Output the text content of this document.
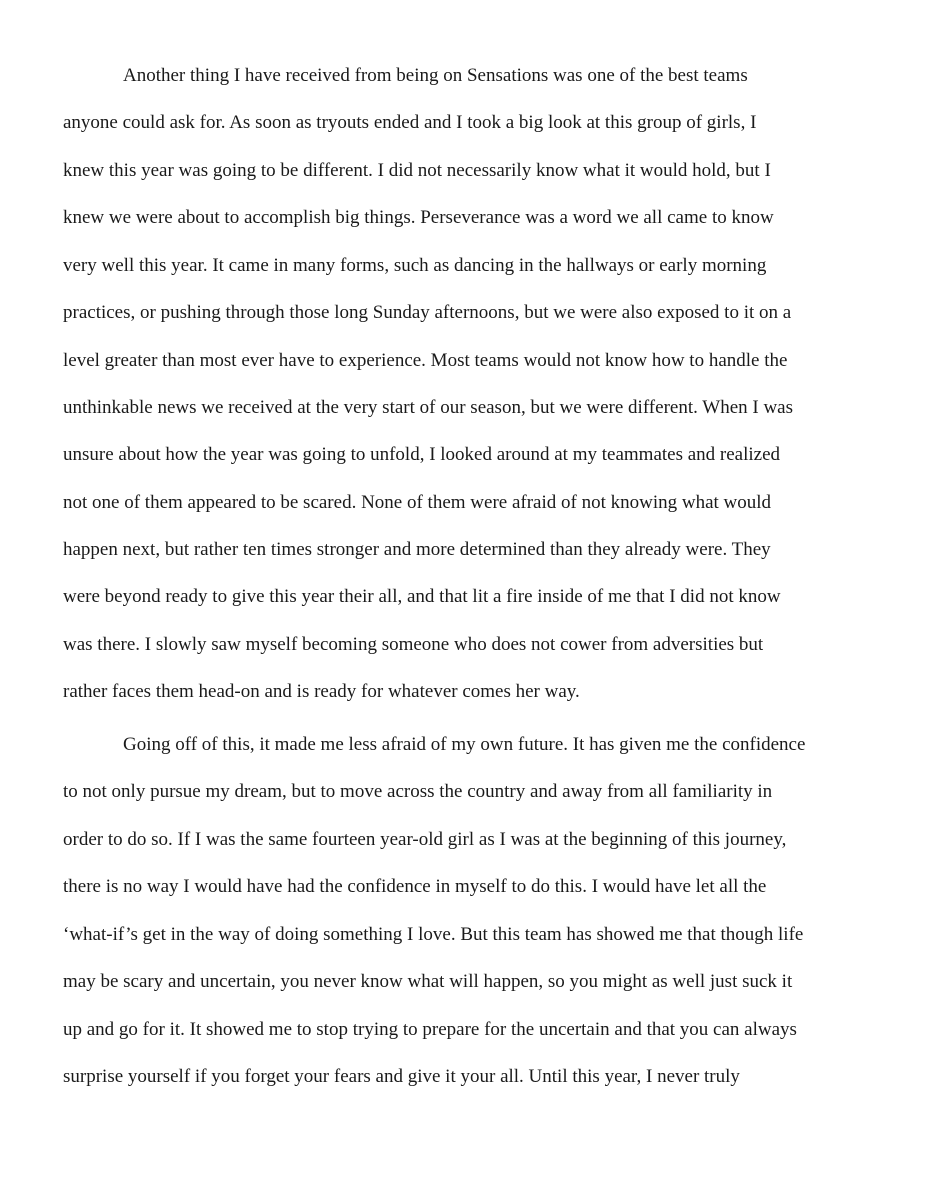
Another thing I have received from being on Sensations was one of the best teams
anyone could ask for. As soon as tryouts ended and I took a big look at this group of girls, I
knew this year was going to be different. I did not necessarily know what it would hold, but I
knew we were about to accomplish big things. Perseverance was a word we all came to know
very well this year. It came in many forms, such as dancing in the hallways or early morning
practices, or pushing through those long Sunday afternoons, but we were also exposed to it on a
level greater than most ever have to experience. Most teams would not know how to handle the
unthinkable news we received at the very start of our season, but we were different. When I was
unsure about how the year was going to unfold, I looked around at my teammates and realized
not one of them appeared to be scared. None of them were afraid of not knowing what would
happen next, but rather ten times stronger and more determined than they already were. They
were beyond ready to give this year their all, and that lit a fire inside of me that I did not know
was there. I slowly saw myself becoming someone who does not cower from adversities but
rather faces them head-on and is ready for whatever comes her way.
Going off of this, it made me less afraid of my own future. It has given me the confidence
to not only pursue my dream, but to move across the country and away from all familiarity in
order to do so. If I was the same fourteen year-old girl as I was at the beginning of this journey,
there is no way I would have had the confidence in myself to do this. I would have let all the
‘what-if’s get in the way of doing something I love. But this team has showed me that though life
may be scary and uncertain, you never know what will happen, so you might as well just suck it
up and go for it. It showed me to stop trying to prepare for the uncertain and that you can always
surprise yourself if you forget your fears and give it your all. Until this year, I never truly
